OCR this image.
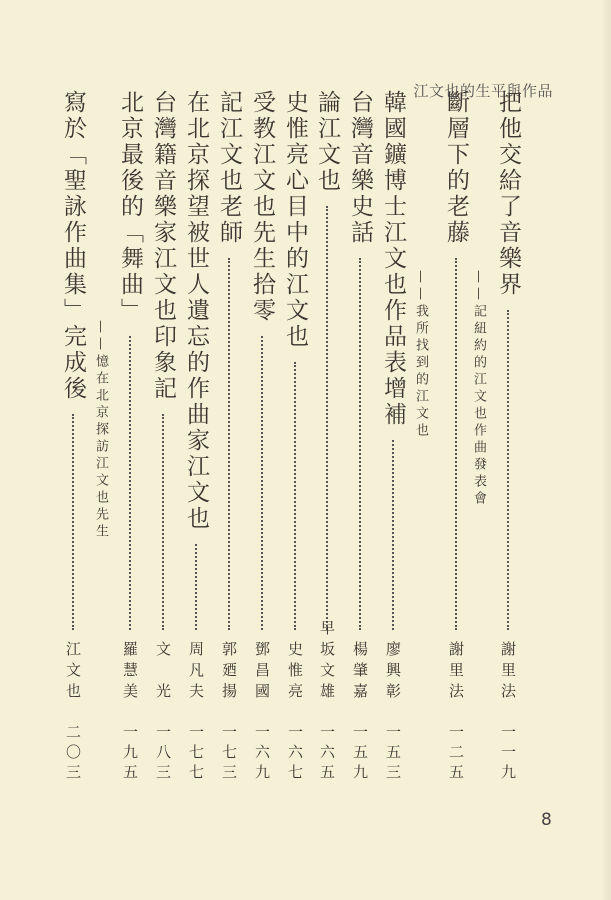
江文也的生平與作品
把他交給了音樂界
——記紐約的江文也作曲發表會
謝里法
一一九
斷層下的老藤
——我所找到的江文也
謝里法
一二五
韓國鑛博士江文也作品表增補
廖興彰
一五三
台灣音樂史話
楊肇嘉
一五九
論江文也
早坂文雄
一六五
史惟亮心目中的江文也
史惟亮
一六七
受教江文也先生拾零
鄧昌國
一六九
記江文也老師
郭廼揚
一七三
在北京探望被世人遺忘的作曲家江文也
周凡夫
一七七
台灣籍音樂家江文也印象記
文　光
一八三
北京最後的「舞曲」
——憶在北京探訪江文也先生
羅慧美
一九五
寫於「聖詠作曲集」完成後
江文也
二〇三
8
